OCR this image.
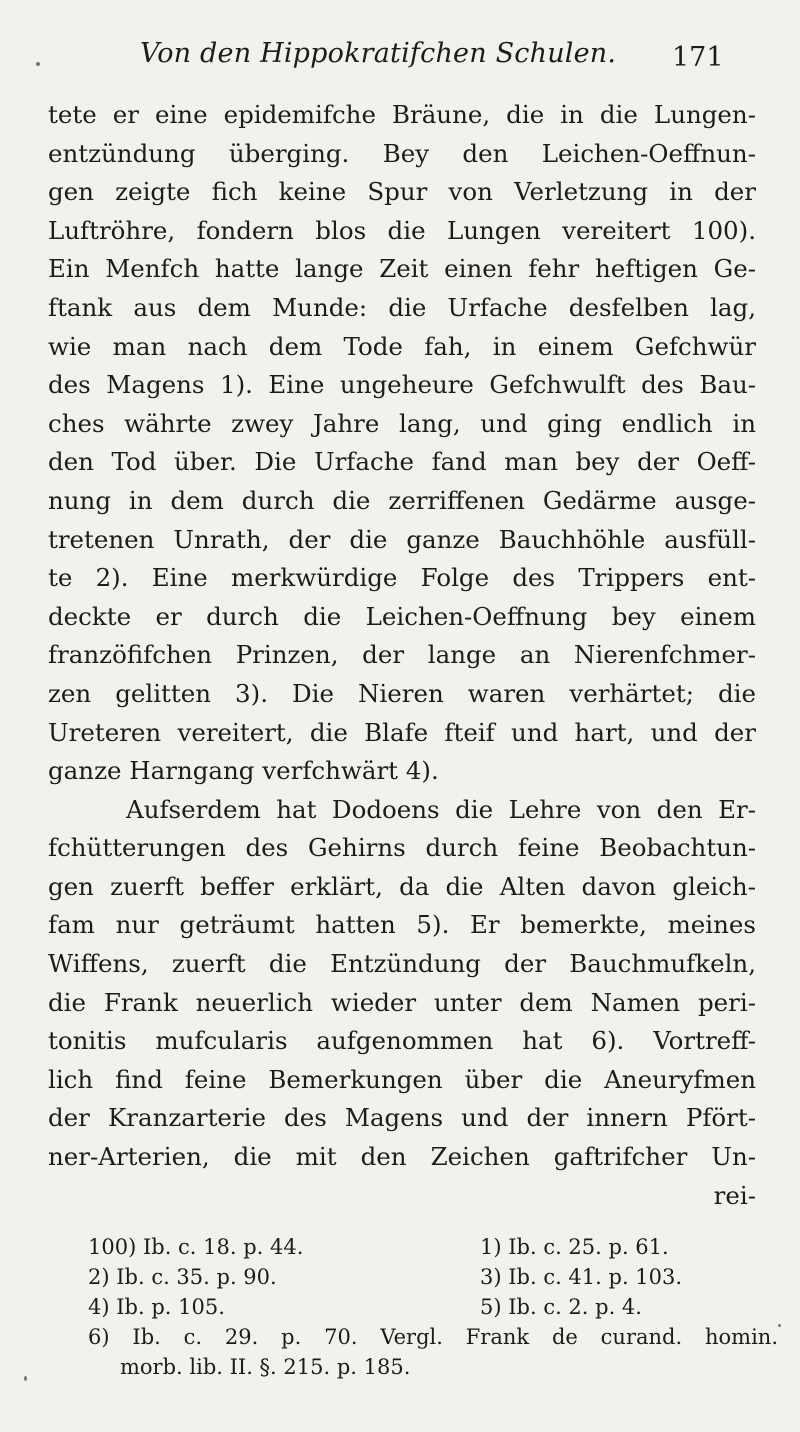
Von den Hippokratifchen Schulen. 171
tete er eine epidemifche Bräune, die in die Lungen-
entzündung überging. Bey den Leichen-Oeffnun-
gen zeigte fich keine Spur von Verletzung in der
Luftröhre, fondern blos die Lungen vereitert 100).
Ein Menfch hatte lange Zeit einen fehr heftigen Ge-
ftank aus dem Munde: die Urfache desfelben lag,
wie man nach dem Tode fah, in einem Gefchwür
des Magens 1). Eine ungeheure Gefchwulft des Bau-
ches währte zwey Jahre lang, und ging endlich in
den Tod über. Die Urfache fand man bey der Oeff-
nung in dem durch die zerriffenen Gedärme ausge-
tretenen Unrath, der die ganze Bauchhöhle ausfüll-
te 2). Eine merkwürdige Folge des Trippers ent-
deckte er durch die Leichen-Oeffnung bey einem
franzöfifchen Prinzen, der lange an Nierenfchmer-
zen gelitten 3). Die Nieren waren verhärtet; die
Ureteren vereitert, die Blafe fteif und hart, und der
ganze Harngang verfchwärt 4).
Aufserdem hat Dodoens die Lehre von den Er-
fchütterungen des Gehirns durch feine Beobachtun-
gen zuerft beffer erklärt, da die Alten davon gleich-
fam nur geträumt hatten 5). Er bemerkte, meines
Wiffens, zuerft die Entzündung der Bauchmufkeln,
die Frank neuerlich wieder unter dem Namen peri-
tonitis mufcularis aufgenommen hat 6). Vortreff-
lich find feine Bemerkungen über die Aneuryfmen
der Kranzarterie des Magens und der innern Pfört-
ner-Arterien, die mit den Zeichen gaftrifcher Un-
rei-
100) Ib. c. 18. p. 44.	1) Ib. c. 25. p. 61.
2) Ib. c. 35. p. 90.	3) Ib. c. 41. p. 103.
4) Ib. p. 105.	5) Ib. c. 2. p. 4.
6) Ib. c. 29. p. 70. Vergl. Frank de curand. homin.
morb. lib. II. §. 215. p. 185.
